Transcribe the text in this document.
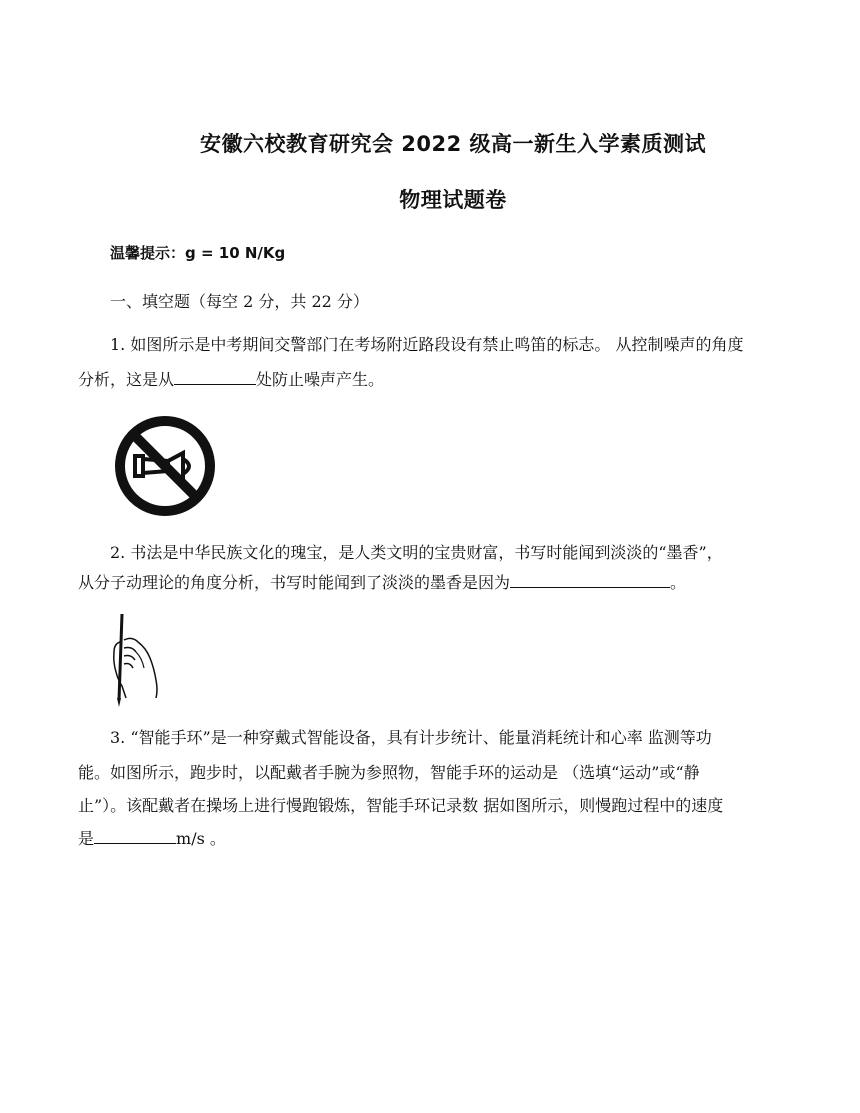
安徽六校教育研究会 2022 级高一新生入学素质测试
物理试题卷
温馨提示：g = 10 N/Kg
一、填空题（每空 2 分，共 22 分）
1. 如图所示是中考期间交警部门在考场附近路段设有禁止鸣笛的标志。 从控制噪声的角度
分析，这是从	处防止噪声产生。
2. 书法是中华民族文化的瑰宝，是人类文明的宝贵财富，书写时能闻到淡淡的“墨香”，
从分子动理论的角度分析，书写时能闻到了淡淡的墨香是因为	。
3. “智能手环”是一种穿戴式智能设备，具有计步统计、能量消耗统计和心率 监测等功
能。如图所示，跑步时，以配戴者手腕为参照物，智能手环的运动是 （选填“运动”或“静
止”）。该配戴者在操场上进行慢跑锻炼，智能手环记录数 据如图所示，则慢跑过程中的速度
是	m/s 。
